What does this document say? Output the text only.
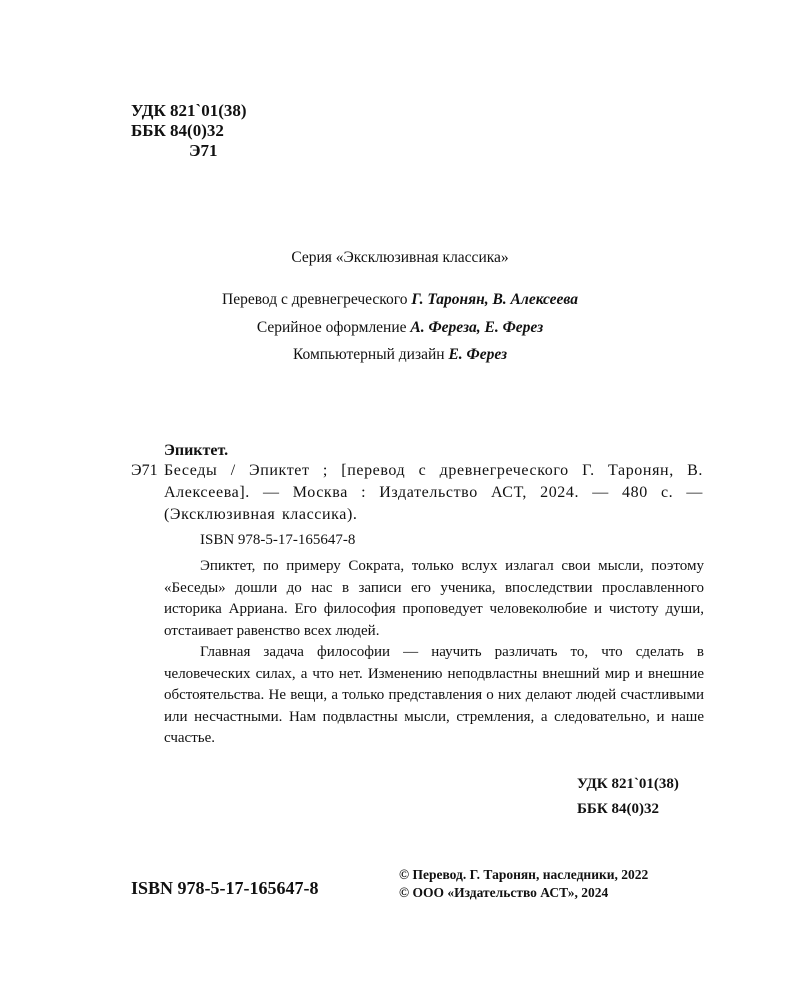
УДК 821`01(38)
ББК 84(0)32
Э71
Серия «Эксклюзивная классика»
Перевод с древнегреческого Г. Таронян, В. Алексеева
Серийное оформление А. Фереза, Е. Ферез
Компьютерный дизайн Е. Ферез
Эпиктет.
Э71 Беседы / Эпиктет ; [перевод с древнегреческого Г. Таронян, В. Алексеева]. — Москва : Издательство АСТ, 2024. — 480 с. — (Эксклюзивная классика).
ISBN 978-5-17-165647-8

Эпиктет, по примеру Сократа, только вслух излагал свои мысли, поэтому «Беседы» дошли до нас в записи его ученика, впоследствии прославленного историка Арриана. Его философия проповедует человеколюбие и чистоту души, отстаивает равенство всех людей.

Главная задача философии — научить различать то, что сделать в человеческих силах, а что нет. Изменению неподвластны внешний мир и внешние обстоятельства. Не вещи, а только представления о них делают людей счастливыми или несчастными. Нам подвластны мысли, стремления, а следовательно, и наше счастье.

УДК 821`01(38)
ББК 84(0)32
ISBN 978-5-17-165647-8
© Перевод. Г. Таронян, наследники, 2022
© ООО «Издательство АСТ», 2024
